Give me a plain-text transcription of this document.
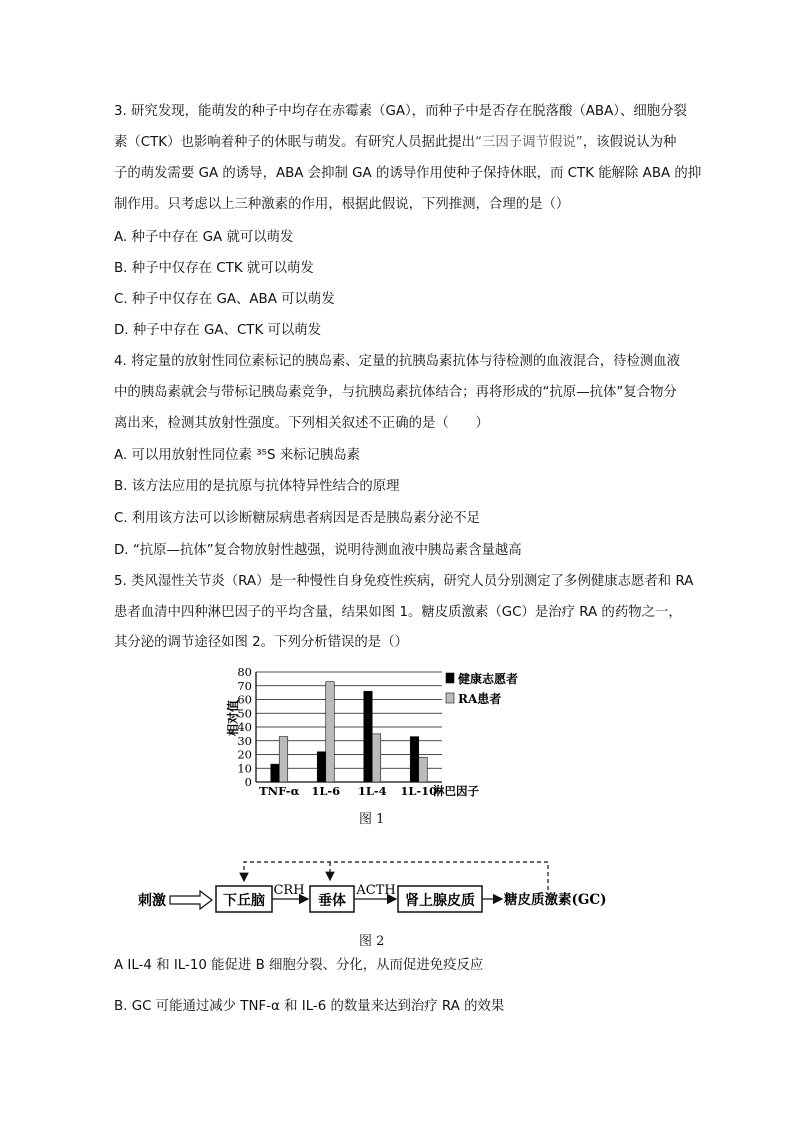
3. 研究发现，能萌发的种子中均存在赤霉素（GA），而种子中是否存在脱落酸（ABA）、细胞分裂
素（CTK）也影响着种子的休眠与萌发。有研究人员据此提出“三因子调节假说”，该假说认为种
子的萌发需要 GA 的诱导，ABA 会抑制 GA 的诱导作用使种子保持休眠，而 CTK 能解除 ABA 的抑
制作用。只考虑以上三种激素的作用，根据此假说，下列推测，合理的是（）
A. 种子中存在 GA 就可以萌发
B. 种子中仅存在 CTK 就可以萌发
C. 种子中仅存在 GA、ABA 可以萌发
D. 种子中存在 GA、CTK 可以萌发
4. 将定量的放射性同位素标记的胰岛素、定量的抗胰岛素抗体与待检测的血液混合，待检测血液
中的胰岛素就会与带标记胰岛素竞争，与抗胰岛素抗体结合；再将形成的“抗原—抗体”复合物分
离出来，检测其放射性强度。下列相关叙述不正确的是（　　）
A. 可以用放射性同位素 ³⁵S 来标记胰岛素
B. 该方法应用的是抗原与抗体特异性结合的原理
C. 利用该方法可以诊断糖尿病患者病因是否是胰岛素分泌不足
D. “抗原—抗体”复合物放射性越强，说明待测血液中胰岛素含量越高
5. 类风湿性关节炎（RA）是一种慢性自身免疫性疾病，研究人员分别测定了多例健康志愿者和 RA
患者血清中四种淋巴因子的平均含量，结果如图 1。糖皮质激素（GC）是治疗 RA 的药物之一，
其分泌的调节途径如图 2。下列分析错误的是（）
0
10
20
30
40
50
60
70
80
TNF-α 1L-6 1L-4 1L-10
相对值
淋巴因子
健康志愿者
RA患者
图 1
刺激	下丘脑
CRH
垂体
ACTH
肾上腺皮质 糖皮质激素(GC)
图 2
A IL-4 和 IL-10 能促进 B 细胞分裂、分化，从而促进免疫反应
B. GC 可能通过减少 TNF-α 和 IL-6 的数量来达到治疗 RA 的效果
